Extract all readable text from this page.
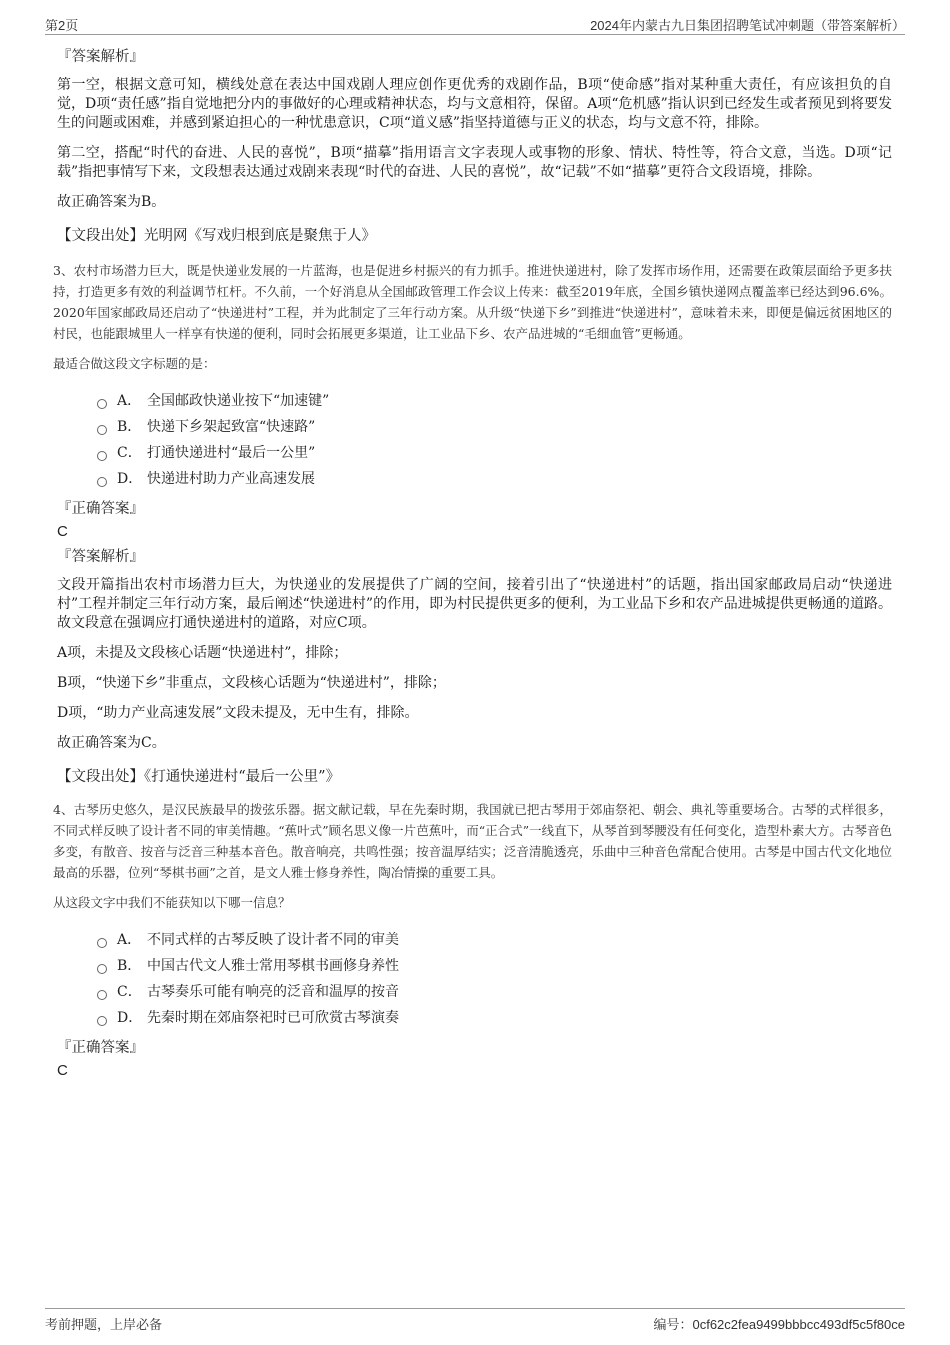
第2页	2024年内蒙古九日集团招聘笔试冲刺题（带答案解析）
『答案解析』

第一空，根据文意可知，横线处意在表达中国戏剧人理应创作更优秀的戏剧作品，B项“使命感”指对某种重大责任，有应该担负的自觉，D项“责任感”指自觉地把分内的事做好的心理或精神状态，均与文意相符，保留。A项“危机感”指认识到已经发生或者预见到将要发生的问题或困难，并感到紧迫担心的一种忧患意识，C项“道义感”指坚持道德与正义的状态，均与文意不符，排除。

第二空，搭配“时代的奋进、人民的喜悦”，B项“描摹”指用语言文字表现人或事物的形象、情状、特性等，符合文意，当选。D项“记载”指把事情写下来，文段想表达通过戏剧来表现“时代的奋进、人民的喜悦”，故“记载”不如“描摹”更符合文段语境，排除。

故正确答案为B。

【文段出处】光明网《写戏归根到底是聚焦于人》

3、农村市场潜力巨大，既是快递业发展的一片蓝海，也是促进乡村振兴的有力抓手。推进快递进村，除了发挥市场作用，还需要在政策层面给予更多扶持，打造更多有效的利益调节杠杆。不久前，一个好消息从全国邮政管理工作会议上传来：截至2019年底，全国乡镇快递网点覆盖率已经达到96.6%。2020年国家邮政局还启动了“快递进村”工程，并为此制定了三年行动方案。从升级“快递下乡”到推进“快递进村”，意味着未来，即便是偏远贫困地区的村民，也能跟城里人一样享有快递的便利，同时会拓展更多渠道，让工业品下乡、农产品进城的“毛细血管”更畅通。

最适合做这段文字标题的是：
A． 全国邮政快递业按下“加速键”
B． 快递下乡架起致富“快速路”
C． 打通快递进村“最后一公里”
D． 快递进村助力产业高速发展
『正确答案』
C
『答案解析』

文段开篇指出农村市场潜力巨大，为快递业的发展提供了广阔的空间，接着引出了“快递进村”的话题，指出国家邮政局启动“快递进村”工程并制定三年行动方案，最后阐述“快递进村”的作用，即为村民提供更多的便利，为工业品下乡和农产品进城提供更畅通的道路。故文段意在强调应打通快递进村的道路，对应C项。

A项，未提及文段核心话题“快递进村”，排除；

B项，“快递下乡”非重点，文段核心话题为“快递进村”，排除；

D项，“助力产业高速发展”文段未提及，无中生有，排除。

故正确答案为C。

【文段出处】《打通快递进村“最后一公里”》

4、古琴历史悠久，是汉民族最早的拨弦乐器。据文献记载，早在先秦时期，我国就已把古琴用于郊庙祭祀、朝会、典礼等重要场合。古琴的式样很多，不同式样反映了设计者不同的审美情趣。“蕉叶式”顾名思义像一片芭蕉叶，而“正合式”一线直下，从琴首到琴腰没有任何变化，造型朴素大方。古琴音色多变，有散音、按音与泛音三种基本音色。散音响亮，共鸣性强；按音温厚结实；泛音清脆透亮，乐曲中三种音色常配合使用。古琴是中国古代文化地位最高的乐器，位列“琴棋书画”之首，是文人雅士修身养性，陶冶情操的重要工具。

从这段文字中我们不能获知以下哪一信息？
A． 不同式样的古琴反映了设计者不同的审美
B． 中国古代文人雅士常用琴棋书画修身养性
C． 古琴奏乐可能有响亮的泛音和温厚的按音
D． 先秦时期在郊庙祭祀时已可欣赏古琴演奏
『正确答案』
C
考前押题，上岸必备	编号：0cf62c2fea9499bbbcc493df5c5f80ce
